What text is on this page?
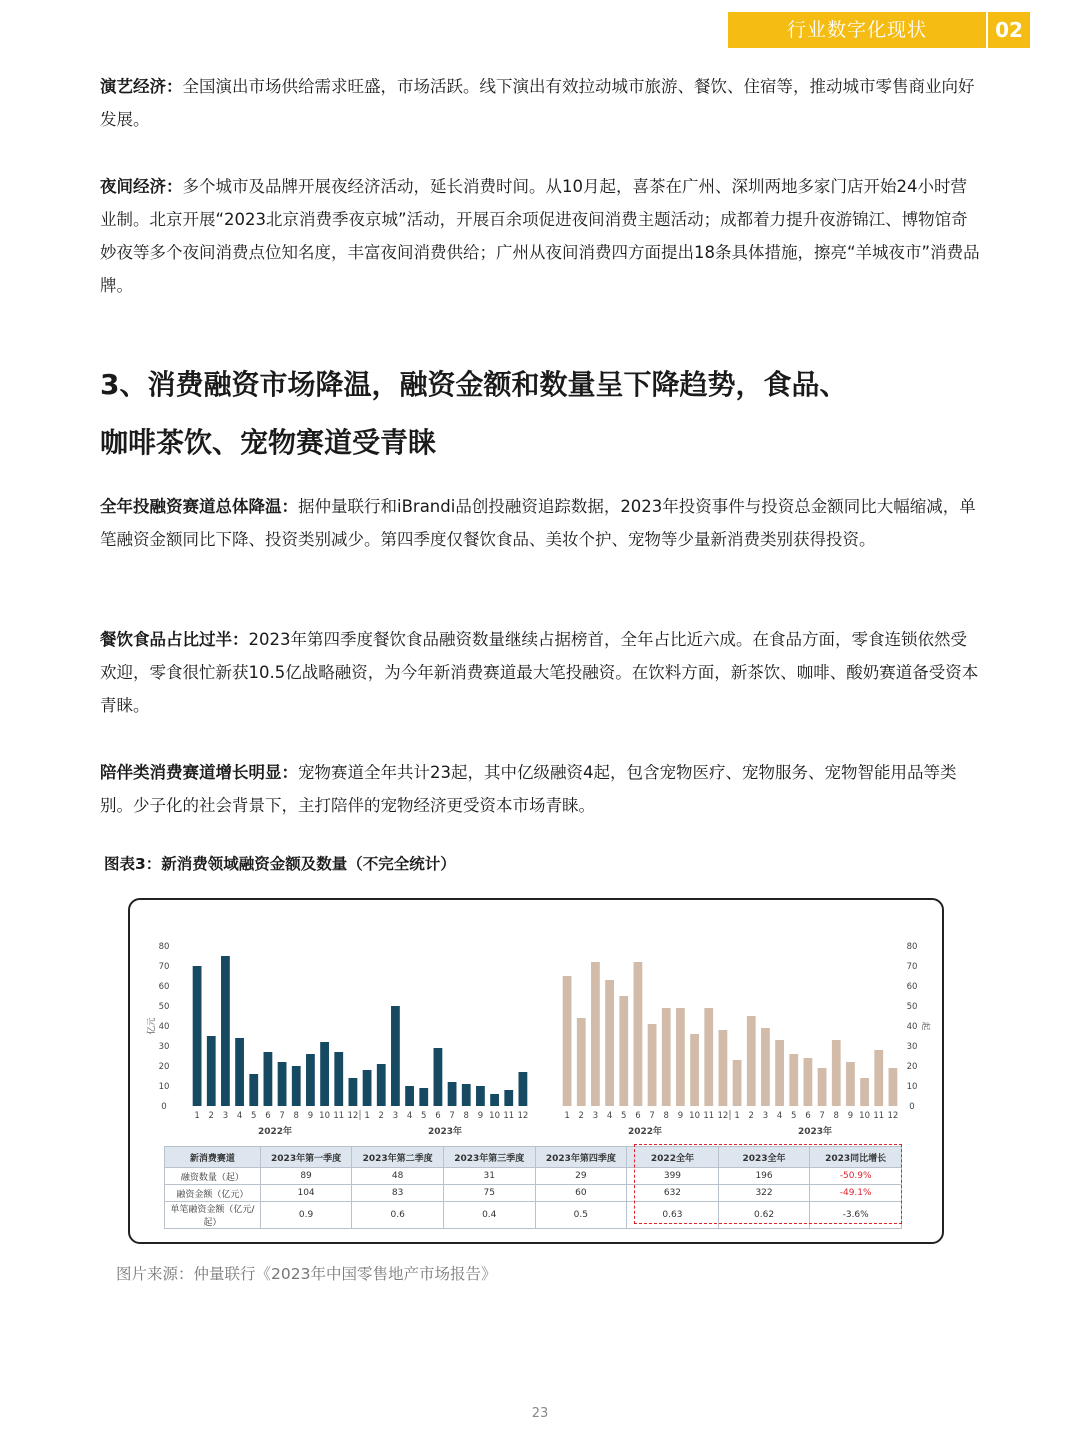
行业数字化现状	02

演艺经济：全国演出市场供给需求旺盛，市场活跃。线下演出有效拉动城市旅游、餐饮、住宿等，推动城市零售商业向好发展。

夜间经济：多个城市及品牌开展夜经济活动，延长消费时间。从10月起，喜茶在广州、深圳两地多家门店开始24小时营业制。北京开展“2023北京消费季夜京城”活动，开展百余项促进夜间消费主题活动；成都着力提升夜游锦江、博物馆奇妙夜等多个夜间消费点位知名度，丰富夜间消费供给；广州从夜间消费四方面提出18条具体措施，擦亮“羊城夜市”消费品牌。

3、消费融资市场降温，融资金额和数量呈下降趋势，食品、
咖啡茶饮、宠物赛道受青睐

全年投融资赛道总体降温：据仲量联行和iBrandi品创投融资追踪数据，2023年投资事件与投资总金额同比大幅缩减，单笔融资金额同比下降、投资类别减少。第四季度仅餐饮食品、美妆个护、宠物等少量新消费类别获得投资。

餐饮食品占比过半：2023年第四季度餐饮食品融资数量继续占据榜首，全年占比近六成。在食品方面，零食连锁依然受欢迎，零食很忙新获10.5亿战略融资，为今年新消费赛道最大笔投融资。在饮料方面，新茶饮、咖啡、酸奶赛道备受资本青睐。

陪伴类消费赛道增长明显：宠物赛道全年共计23起，其中亿级融资4起，包含宠物医疗、宠物服务、宠物智能用品等类别。少子化的社会背景下，主打陪伴的宠物经济更受资本市场青睐。

图表3：新消费领域融资金额及数量（不完全统计）
0
10
20
30
40
50
60
70
80
亿元
1 2 3 4 5 6 7 8 9 10 11 12 1 2 3 4 5 6 7 8 9 10 11 12
2022年	2023年
0
10
20
30
40
50
60
70
80
起
1 2 3 4 5 6 7 8 9 10 11 12 1 2 3 4 5 6 7 8 9 10 11 12
2022年	2023年
新消费赛道	2023年第一季度	2023年第二季度	2023年第三季度	2023年第四季度	2022全年	2023全年	2023同比增长
融资数量（起）	89	48	31	29	399	196	-50.9%
融资金额（亿元）	104	83	75	60	632	322	-49.1%
单笔融资金额（亿元/起）	0.9	0.6	0.4	0.5	0.63	0.62	-3.6%
图片来源：仲量联行《2023年中国零售地产市场报告》
23
